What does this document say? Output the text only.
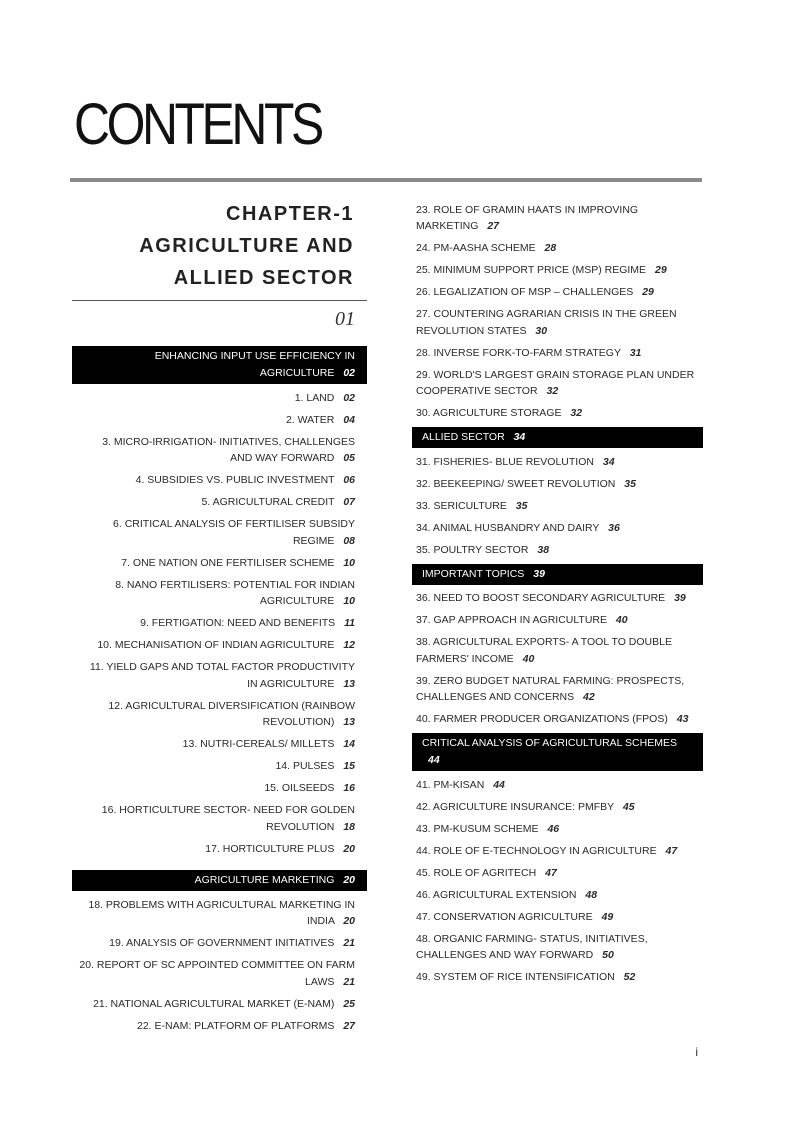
CONTENTS
CHAPTER-1
AGRICULTURE AND
ALLIED SECTOR
01
ENHANCING INPUT USE EFFICIENCY IN AGRICULTURE 02
1. LAND 02
2. WATER 04
3. MICRO-IRRIGATION- INITIATIVES, CHALLENGES AND WAY FORWARD 05
4. SUBSIDIES VS. PUBLIC INVESTMENT 06
5. AGRICULTURAL CREDIT 07
6. CRITICAL ANALYSIS OF FERTILISER SUBSIDY REGIME 08
7. ONE NATION ONE FERTILISER SCHEME 10
8. NANO FERTILISERS: POTENTIAL FOR INDIAN AGRICULTURE 10
9. FERTIGATION: NEED AND BENEFITS 11
10. MECHANISATION OF INDIAN AGRICULTURE 12
11. YIELD GAPS AND TOTAL FACTOR PRODUCTIVITY IN AGRICULTURE 13
12. AGRICULTURAL DIVERSIFICATION (RAINBOW REVOLUTION) 13
13. NUTRI-CEREALS/ MILLETS 14
14. PULSES 15
15. OILSEEDS 16
16. HORTICULTURE SECTOR- NEED FOR GOLDEN REVOLUTION 18
17. HORTICULTURE PLUS 20
AGRICULTURE MARKETING 20
18. PROBLEMS WITH AGRICULTURAL MARKETING IN INDIA 20
19. ANALYSIS OF GOVERNMENT INITIATIVES 21
20. REPORT OF SC APPOINTED COMMITTEE ON FARM LAWS 21
21. NATIONAL AGRICULTURAL MARKET (E-NAM) 25
22. E-NAM: PLATFORM OF PLATFORMS 27
23. ROLE OF GRAMIN HAATS IN IMPROVING MARKETING 27
24. PM-AASHA SCHEME 28
25. MINIMUM SUPPORT PRICE (MSP) REGIME 29
26. LEGALIZATION OF MSP – CHALLENGES 29
27. COUNTERING AGRARIAN CRISIS IN THE GREEN REVOLUTION STATES 30
28. INVERSE FORK-TO-FARM STRATEGY 31
29. WORLD'S LARGEST GRAIN STORAGE PLAN UNDER COOPERATIVE SECTOR 32
30. AGRICULTURE STORAGE 32
ALLIED SECTOR 34
31. FISHERIES- BLUE REVOLUTION 34
32. BEEKEEPING/ SWEET REVOLUTION 35
33. SERICULTURE 35
34. ANIMAL HUSBANDRY AND DAIRY 36
35. POULTRY SECTOR 38
IMPORTANT TOPICS 39
36. NEED TO BOOST SECONDARY AGRICULTURE 39
37. GAP APPROACH IN AGRICULTURE 40
38. AGRICULTURAL EXPORTS- A TOOL TO DOUBLE FARMERS' INCOME 40
39. ZERO BUDGET NATURAL FARMING: PROSPECTS, CHALLENGES AND CONCERNS 42
40. FARMER PRODUCER ORGANIZATIONS (FPOS) 43
CRITICAL ANALYSIS OF AGRICULTURAL SCHEMES 44
41. PM-KISAN 44
42. AGRICULTURE INSURANCE: PMFBY 45
43. PM-KUSUM SCHEME 46
44. ROLE OF E-TECHNOLOGY IN AGRICULTURE 47
45. ROLE OF AGRITECH 47
46. AGRICULTURAL EXTENSION 48
47. CONSERVATION AGRICULTURE 49
48. ORGANIC FARMING- STATUS, INITIATIVES, CHALLENGES AND WAY FORWARD 50
49. SYSTEM OF RICE INTENSIFICATION 52
i
